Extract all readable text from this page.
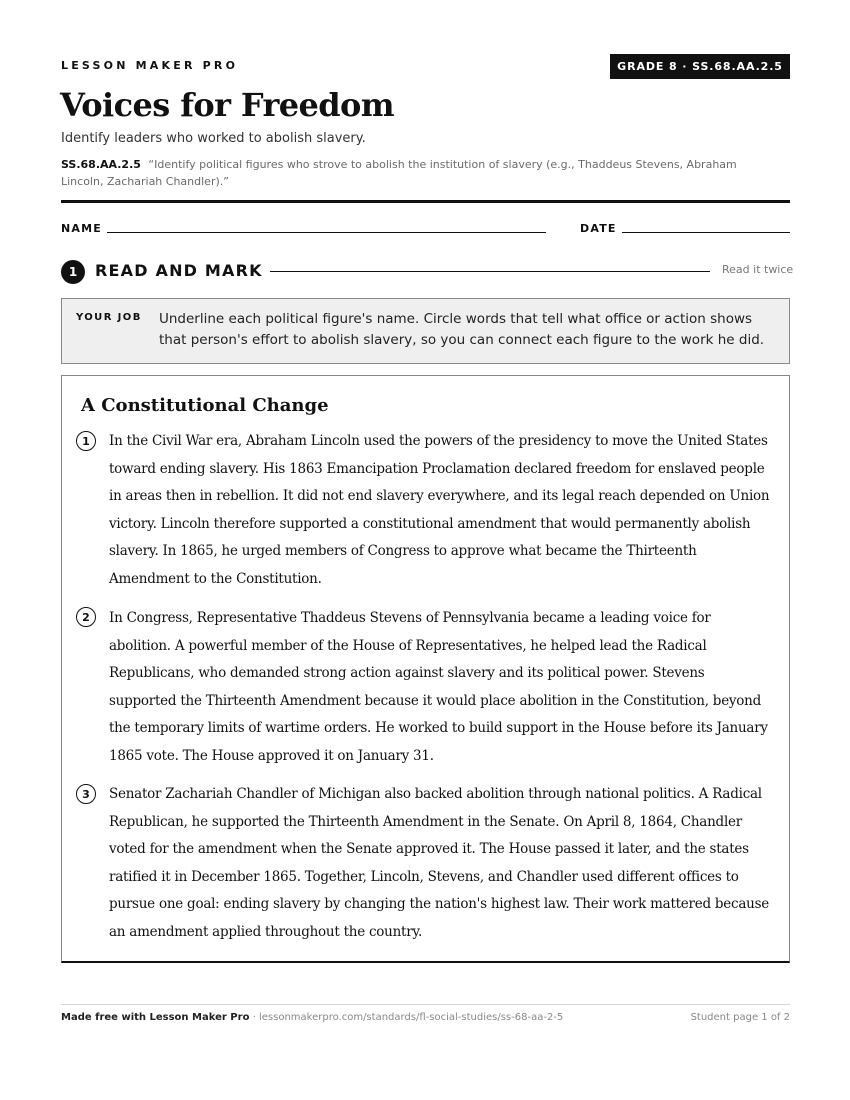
LESSON MAKER PRO	GRADE 8 · SS.68.AA.2.5
Voices for Freedom
Identify leaders who worked to abolish slavery.
SS.68.AA.2.5 “Identify political figures who strove to abolish the institution of slavery (e.g., Thaddeus Stevens, Abraham Lincoln, Zachariah Chandler).”
NAME	DATE
1	READ AND MARK	Read it twice
YOUR JOB Underline each political figure's name. Circle words that tell what office or action shows that person's effort to abolish slavery, so you can connect each figure to the work he did.
A Constitutional Change
1	In the Civil War era, Abraham Lincoln used the powers of the presidency to move the United States toward ending slavery. His 1863 Emancipation Proclamation declared freedom for enslaved people in areas then in rebellion. It did not end slavery everywhere, and its legal reach depended on Union victory. Lincoln therefore supported a constitutional amendment that would permanently abolish slavery. In 1865, he urged members of Congress to approve what became the Thirteenth Amendment to the Constitution.

2	In Congress, Representative Thaddeus Stevens of Pennsylvania became a leading voice for abolition. A powerful member of the House of Representatives, he helped lead the Radical Republicans, who demanded strong action against slavery and its political power. Stevens supported the Thirteenth Amendment because it would place abolition in the Constitution, beyond the temporary limits of wartime orders. He worked to build support in the House before its January 1865 vote. The House approved it on January 31.

3	Senator Zachariah Chandler of Michigan also backed abolition through national politics. A Radical Republican, he supported the Thirteenth Amendment in the Senate. On April 8, 1864, Chandler voted for the amendment when the Senate approved it. The House passed it later, and the states ratified it in December 1865. Together, Lincoln, Stevens, and Chandler used different offices to pursue one goal: ending slavery by changing the nation's highest law. Their work mattered because an amendment applied throughout the country.

Made free with Lesson Maker Pro · lessonmakerpro.com/standards/fl-social-studies/ss-68-aa-2-5	Student page 1 of 2
